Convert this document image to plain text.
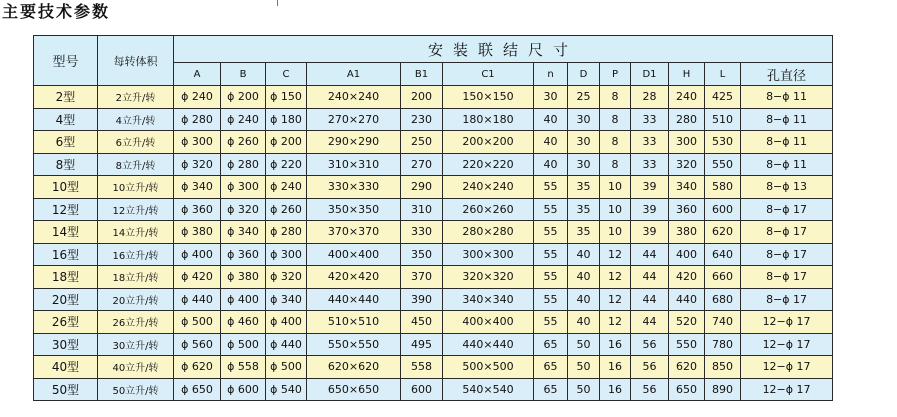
主要技术参数
型号	每转体积	安装联结尺寸												
		A	B	C	A1	B1	C1	n	D	P	D1	H	L	孔直径
2型	2立升/转	ϕ 240	ϕ 200	ϕ 150	240×240	200	150×150	30	25	8	28	240	425	8−ϕ 11
4型	4立升/转	ϕ 280	ϕ 240	ϕ 180	270×270	230	180×180	40	30	8	33	280	510	8−ϕ 11
6型	6立升/转	ϕ 300	ϕ 260	ϕ 200	290×290	250	200×200	40	30	8	33	300	530	8−ϕ 11
8型	8立升/转	ϕ 320	ϕ 280	ϕ 220	310×310	270	220×220	40	30	8	33	320	550	8−ϕ 11
10型	10立升/转	ϕ 340	ϕ 300	ϕ 240	330×330	290	240×240	55	35	10	39	340	580	8−ϕ 13
12型	12立升/转	ϕ 360	ϕ 320	ϕ 260	350×350	310	260×260	55	35	10	39	360	600	8−ϕ 17
14型	14立升/转	ϕ 380	ϕ 340	ϕ 280	370×370	330	280×280	55	35	10	39	380	620	8−ϕ 17
16型	16立升/转	ϕ 400	ϕ 360	ϕ 300	400×400	350	300×300	55	40	12	44	400	640	8−ϕ 17
18型	18立升/转	ϕ 420	ϕ 380	ϕ 320	420×420	370	320×320	55	40	12	44	420	660	8−ϕ 17
20型	20立升/转	ϕ 440	ϕ 400	ϕ 340	440×440	390	340×340	55	40	12	44	440	680	8−ϕ 17
26型	26立升/转	ϕ 500	ϕ 460	ϕ 400	510×510	450	400×400	55	40	12	44	520	740	12−ϕ 17
30型	30立升/转	ϕ 560	ϕ 500	ϕ 440	550×550	495	440×440	65	50	16	56	550	780	12−ϕ 17
40型	40立升/转	ϕ 620	ϕ 558	ϕ 500	620×620	558	500×500	65	50	16	56	620	850	12−ϕ 17
50型	50立升/转	ϕ 650	ϕ 600	ϕ 540	650×650	600	540×540	65	50	16	56	650	890	12−ϕ 17
